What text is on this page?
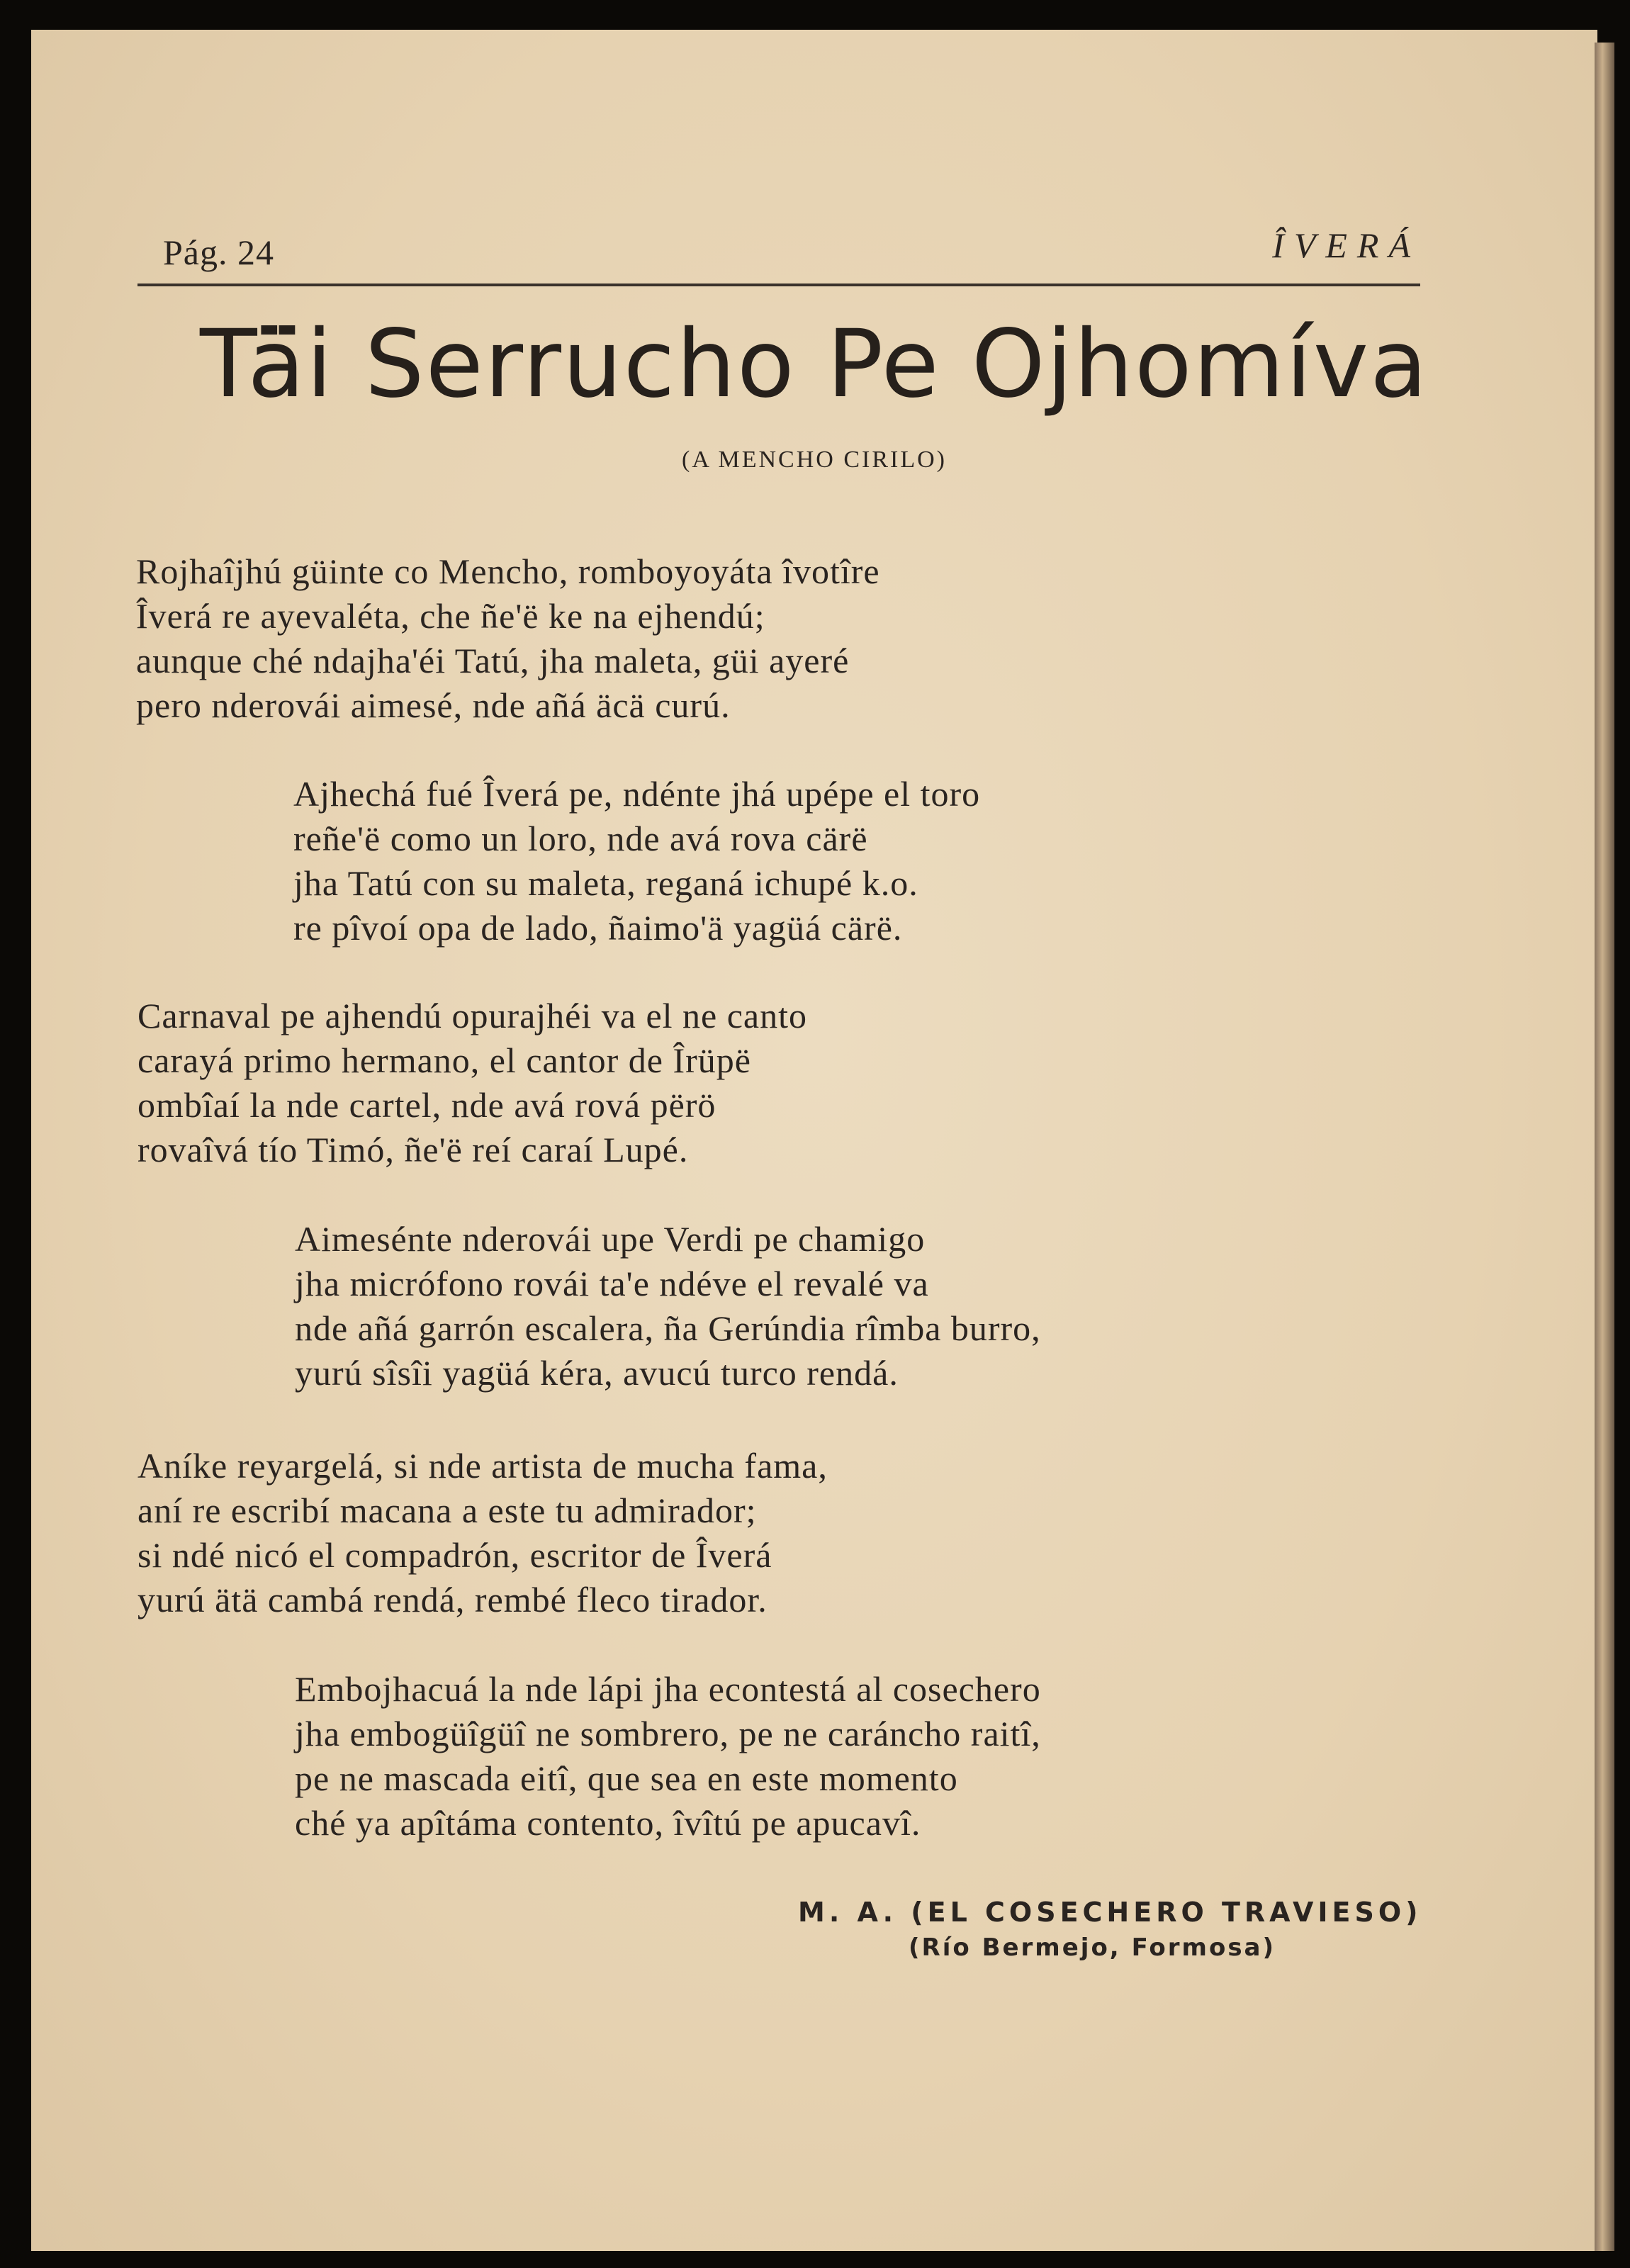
Pág. 24	ÎVERÁ
Tä̈i Serrucho Pe Ojhomíva
(A MENCHO CIRILO)
Rojhaîjhú güinte co Mencho, romboyoyáta îvotîre
Îverá re ayevaléta, che ñe'ë ke na ejhendú;
aunque ché ndajha'éi Tatú, jha maleta, güi ayeré
pero nderovái aimesé, nde añá äcä curú.
Ajhechá fué Îverá pe, ndénte jhá upépe el toro
reñe'ë como un loro, nde avá rova cärë
jha Tatú con su maleta, reganá ichupé k.o.
re pîvoí opa de lado, ñaimo'ä yagüá cärë.
Carnaval pe ajhendú opurajhéi va el ne canto
carayá primo hermano, el cantor de Îrüpë
ombîaí la nde cartel, nde avá rová përö
rovaîvá tío Timó, ñe'ë reí caraí Lupé.
Aimesénte nderovái upe Verdi pe chamigo
jha micrófono rovái ta'e ndéve el revalé va
nde añá garrón escalera, ña Gerúndia rîmba burro,
yurú sîsîi yagüá kéra, avucú turco rendá.
Aníke reyargelá, si nde artista de mucha fama,
aní re escribí macana a este tu admirador;
si ndé nicó el compadrón, escritor de Îverá
yurú ätä cambá rendá, rembé fleco tirador.
Embojhacuá la nde lápi jha econtestá al cosechero
jha embogüîgüî ne sombrero, pe ne caráncho raitî,
pe ne mascada eitî, que sea en este momento
ché ya apîtáma contento, îvîtú pe apucavî.
M. A. (EL COSECHERO TRAVIESO)
(Río Bermejo, Formosa)
